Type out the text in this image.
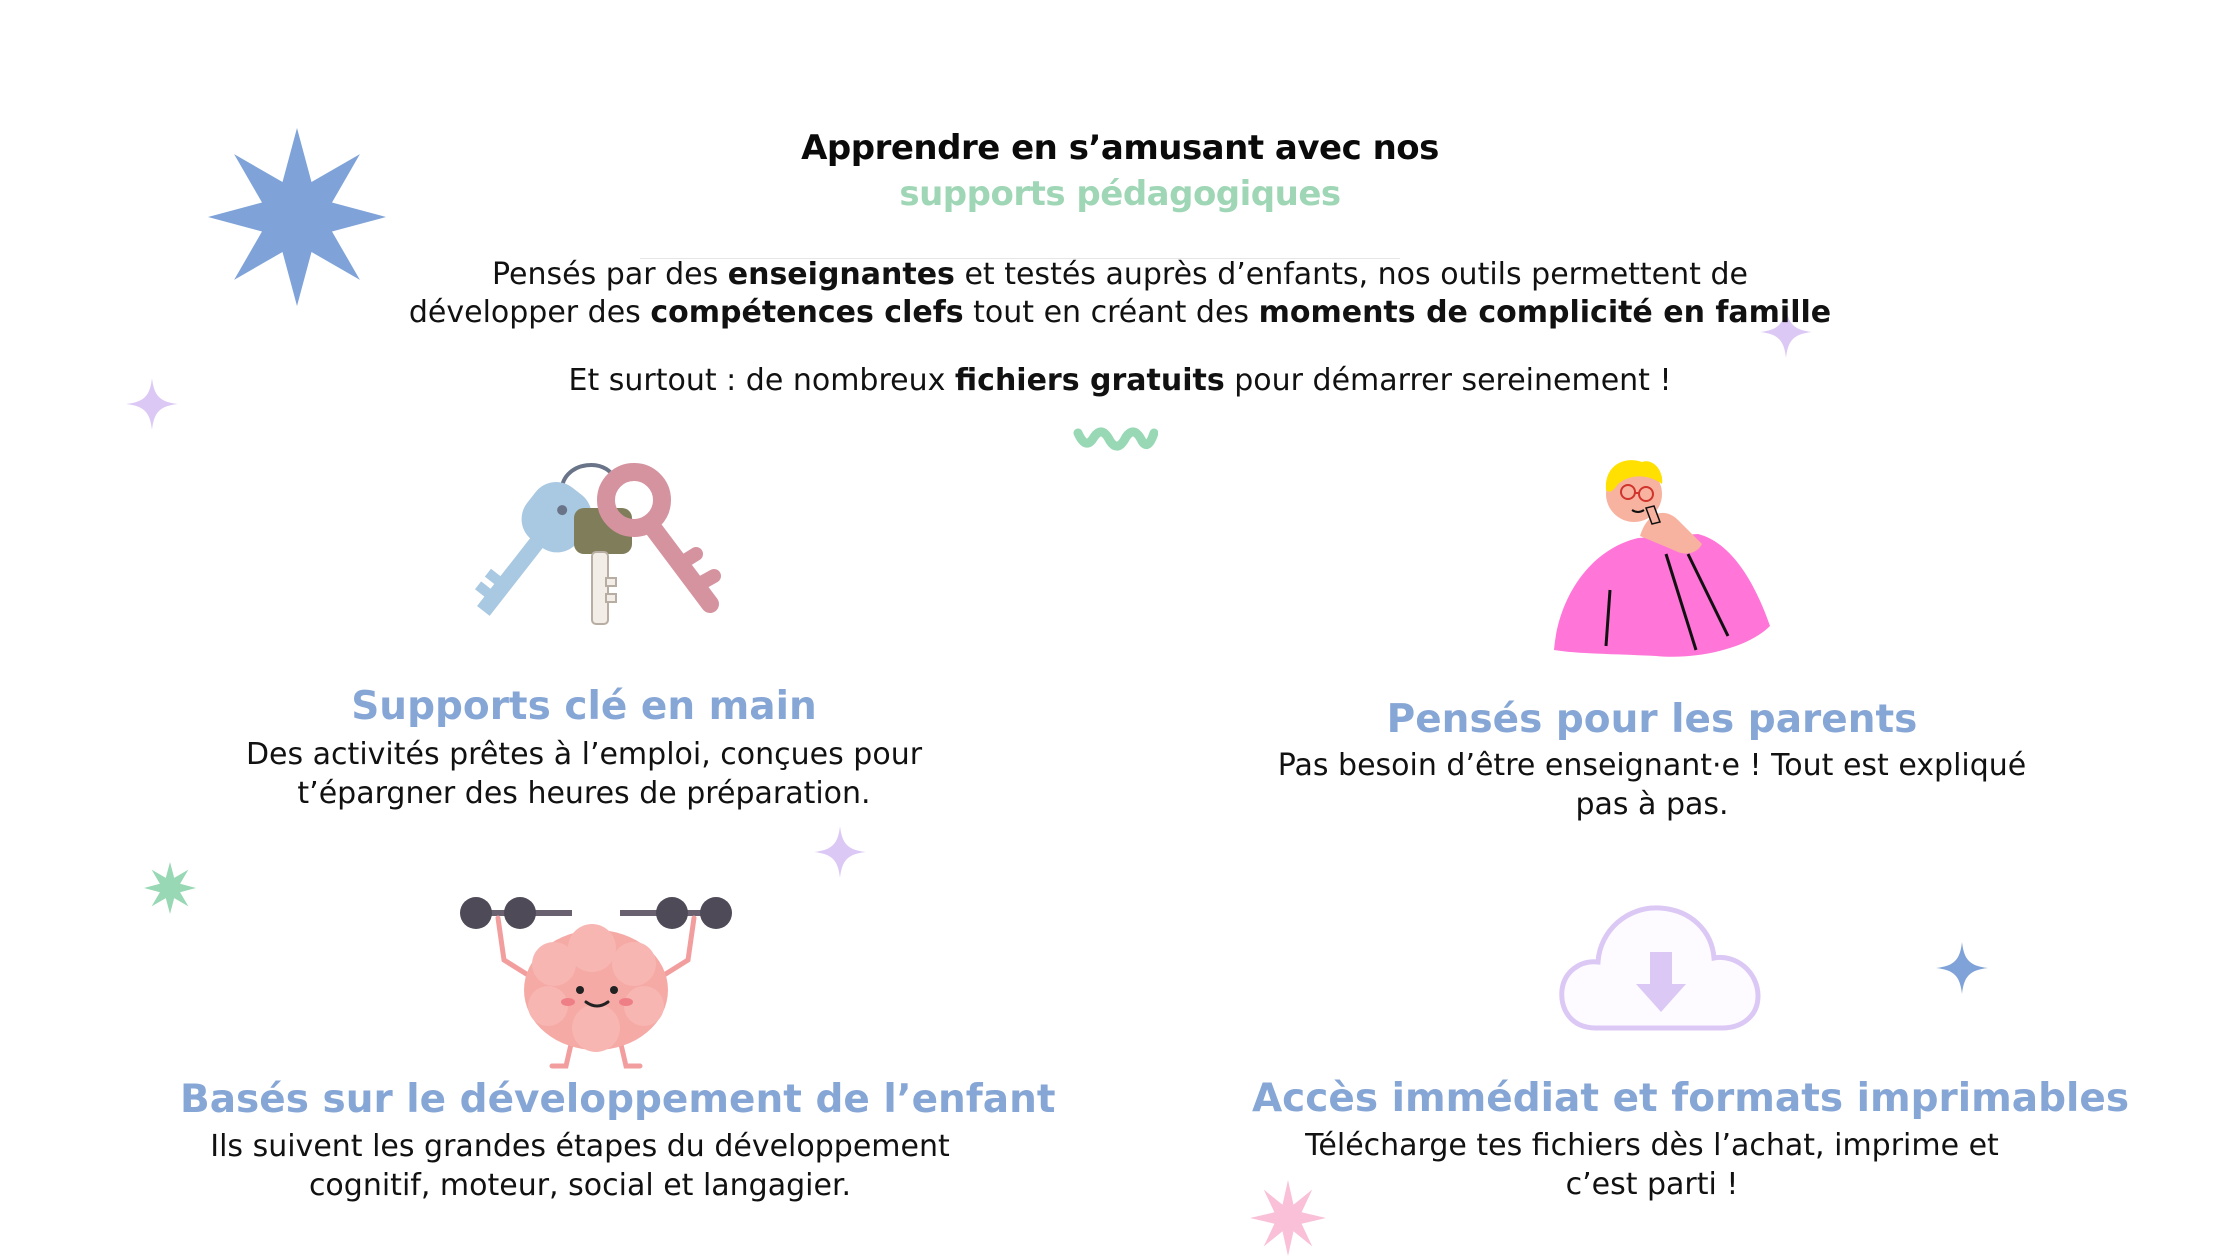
Apprendre en s’amusant avec nos
supports pédagogiques
Pensés par des enseignantes et testés auprès d’enfants, nos outils permettent de
développer des compétences clefs tout en créant des moments de complicité en famille
Et surtout : de nombreux fichiers gratuits pour démarrer sereinement !
Supports clé en main
Des activités prêtes à l’emploi, conçues pour
t’épargner des heures de préparation.
Pensés pour les parents
Pas besoin d’être enseignant·e ! Tout est expliqué
pas à pas.
Basés sur le développement de l’enfant
Ils suivent les grandes étapes du développement
cognitif, moteur, social et langagier.
Accès immédiat et formats imprimables
Télécharge tes fichiers dès l’achat, imprime et
c’est parti !
